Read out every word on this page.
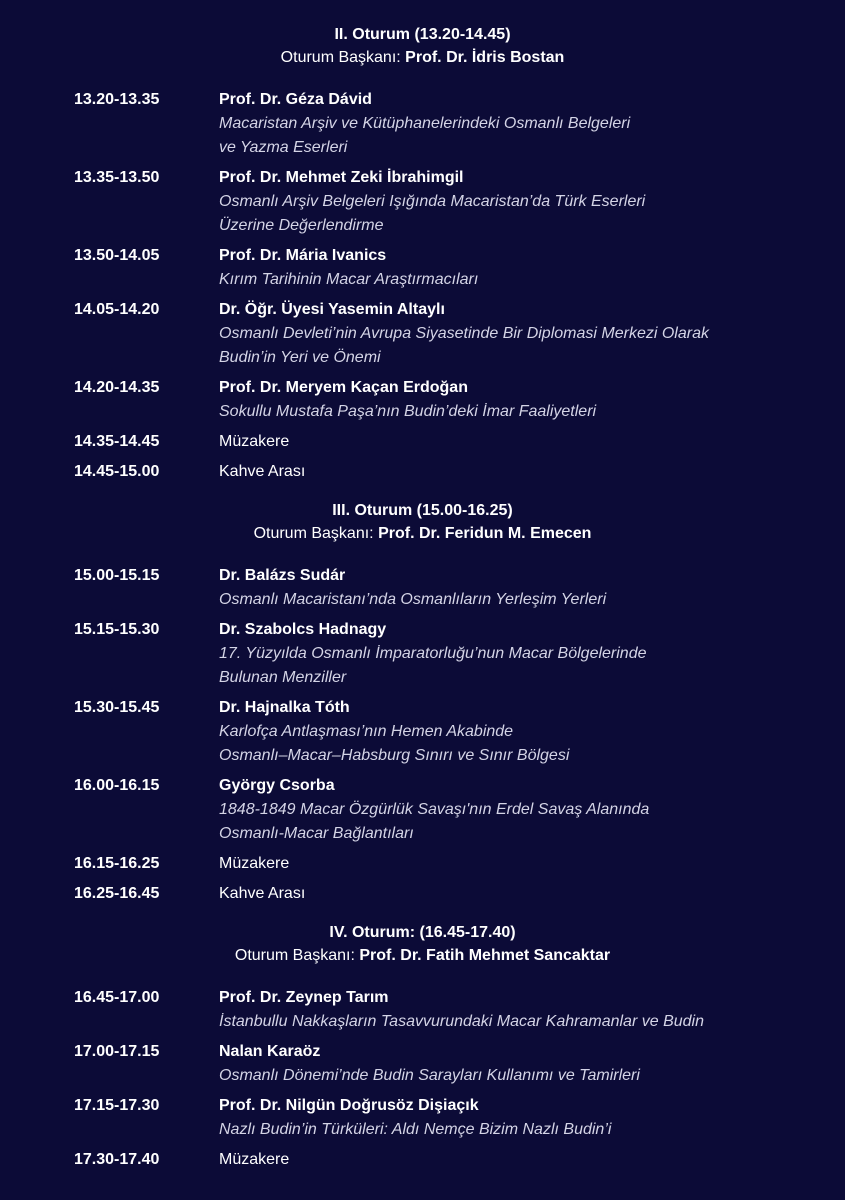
II. Oturum (13.20-14.45)
Oturum Başkanı: Prof. Dr. İdris Bostan
13.20-13.35	Prof. Dr. Géza Dávid
Macaristan Arşiv ve Kütüphanelerindeki Osmanlı Belgeleri
ve Yazma Eserleri
13.35-13.50	Prof. Dr. Mehmet Zeki İbrahimgil
Osmanlı Arşiv Belgeleri Işığında Macaristan’da Türk Eserleri
Üzerine Değerlendirme
13.50-14.05	Prof. Dr. Mária Ivanics
Kırım Tarihinin Macar Araştırmacıları
14.05-14.20	Dr. Öğr. Üyesi Yasemin Altaylı
Osmanlı Devleti’nin Avrupa Siyasetinde Bir Diplomasi Merkezi Olarak
Budin’in Yeri ve Önemi
14.20-14.35	Prof. Dr. Meryem Kaçan Erdoğan
Sokullu Mustafa Paşa’nın Budin’deki İmar Faaliyetleri
14.35-14.45	Müzakere
14.45-15.00	Kahve Arası
III. Oturum (15.00-16.25)
Oturum Başkanı: Prof. Dr. Feridun M. Emecen
15.00-15.15	Dr. Balázs Sudár
Osmanlı Macaristanı’nda Osmanlıların Yerleşim Yerleri
15.15-15.30	Dr. Szabolcs Hadnagy
17. Yüzyılda Osmanlı İmparatorluğu’nun Macar Bölgelerinde
Bulunan Menziller
15.30-15.45	Dr. Hajnalka Tóth
Karlofça Antlaşması’nın Hemen Akabinde
Osmanlı–Macar–Habsburg Sınırı ve Sınır Bölgesi
16.00-16.15	György Csorba
1848-1849 Macar Özgürlük Savaşı'nın Erdel Savaş Alanında
Osmanlı-Macar Bağlantıları
16.15-16.25	Müzakere
16.25-16.45	Kahve Arası
IV. Oturum: (16.45-17.40)
Oturum Başkanı: Prof. Dr. Fatih Mehmet Sancaktar
16.45-17.00	Prof. Dr. Zeynep Tarım
İstanbullu Nakkaşların Tasavvurundaki Macar Kahramanlar ve Budin
17.00-17.15	Nalan Karaöz
Osmanlı Dönemi’nde Budin Sarayları Kullanımı ve Tamirleri
17.15-17.30	Prof. Dr. Nilgün Doğrusöz Dişiaçık
Nazlı Budin’in Türküleri: Aldı Nemçe Bizim Nazlı Budin’i
17.30-17.40	Müzakere
